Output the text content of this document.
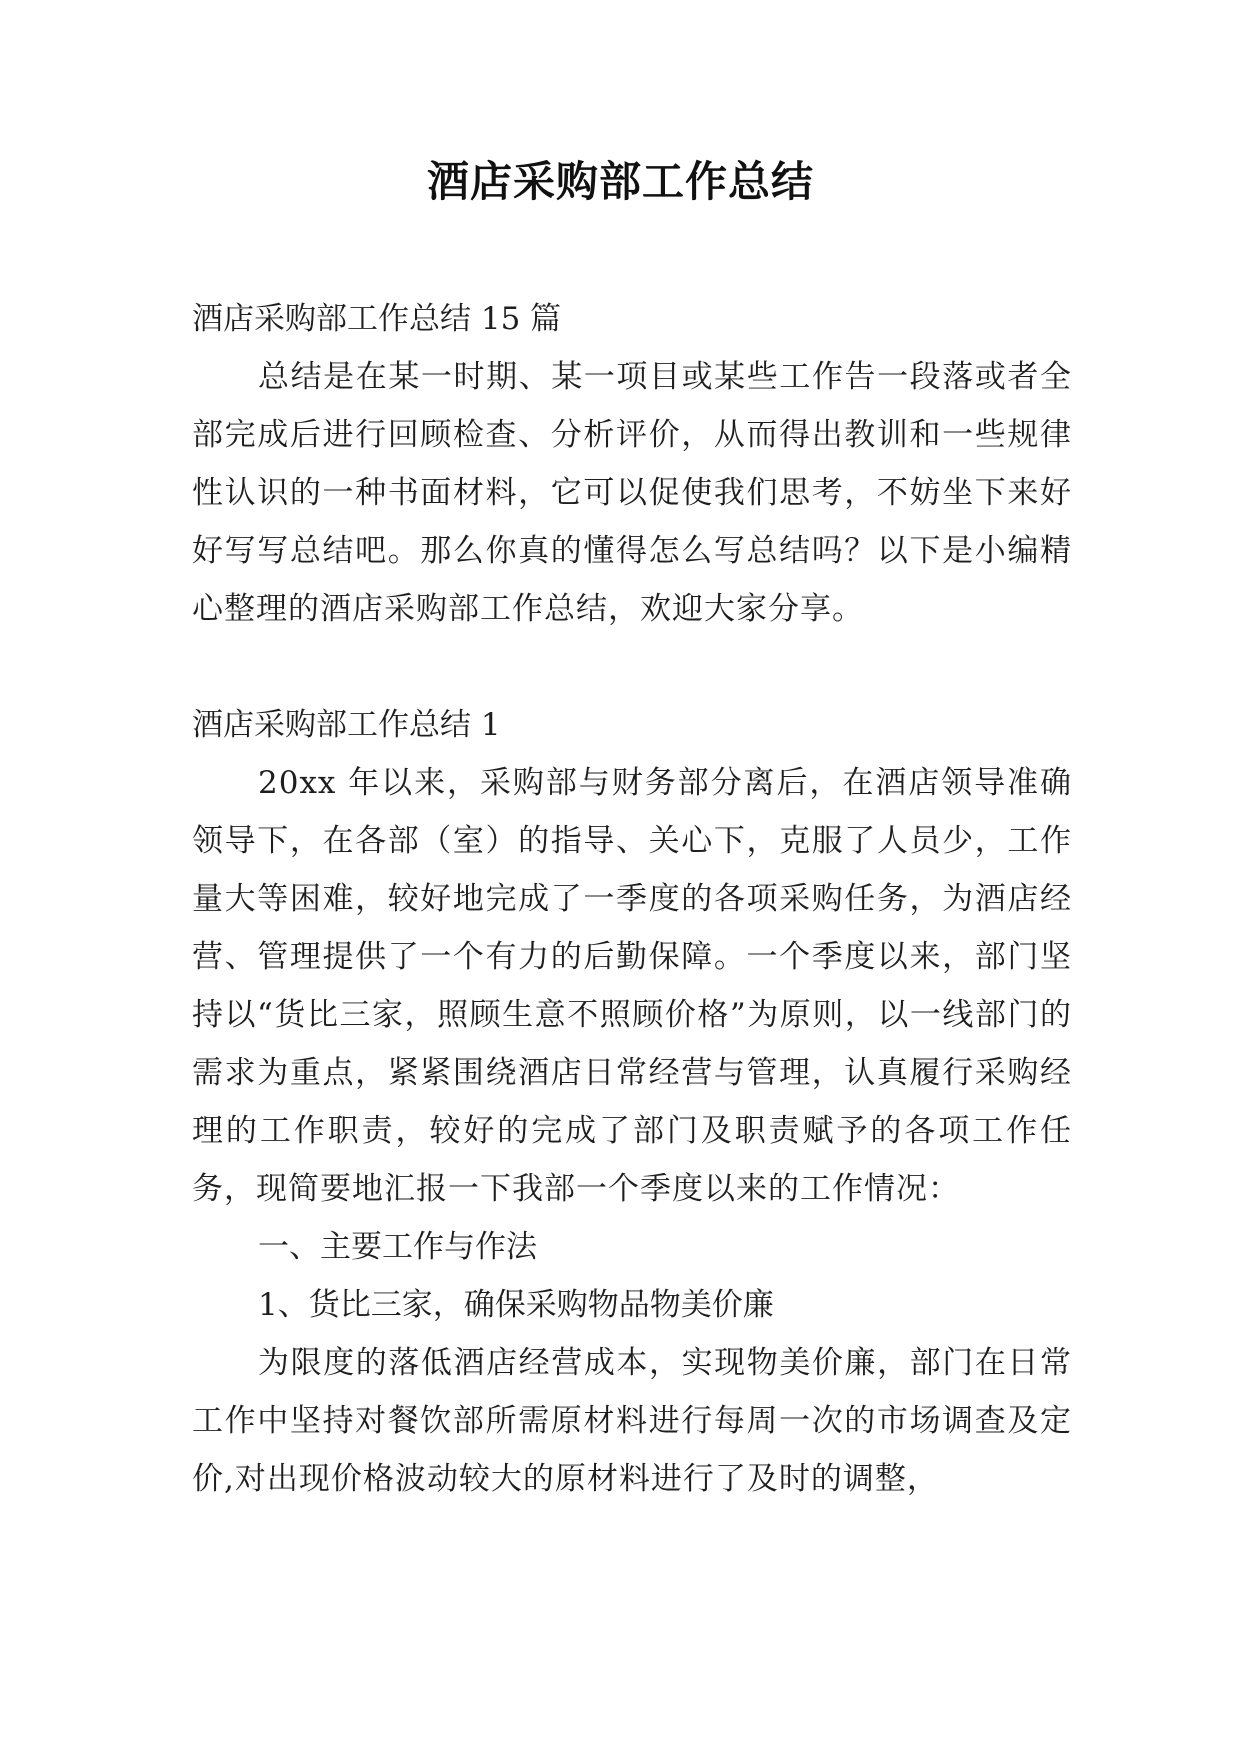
酒店采购部工作总结
酒店采购部工作总结 15 篇

总结是在某一时期、某一项目或某些工作告一段落或者全部完成后进行回顾检查、分析评价，从而得出教训和一些规律性认识的一种书面材料，它可以促使我们思考，不妨坐下来好好写写总结吧。那么你真的懂得怎么写总结吗？以下是小编精心整理的酒店采购部工作总结，欢迎大家分享。

酒店采购部工作总结 1

20xx 年以来，采购部与财务部分离后，在酒店领导准确领导下，在各部（室）的指导、关心下，克服了人员少，工作量大等困难，较好地完成了一季度的各项采购任务，为酒店经营、管理提供了一个有力的后勤保障。一个季度以来，部门坚持以“货比三家，照顾生意不照顾价格”为原则，以一线部门的需求为重点，紧紧围绕酒店日常经营与管理，认真履行采购经理的工作职责，较好的完成了部门及职责赋予的各项工作任务，现简要地汇报一下我部一个季度以来的工作情况：

一、主要工作与作法

1、货比三家，确保采购物品物美价廉

为限度的落低酒店经营成本，实现物美价廉，部门在日常工作中坚持对餐饮部所需原材料进行每周一次的市场调查及定价,对出现价格波动较大的原材料进行了及时的调整，
